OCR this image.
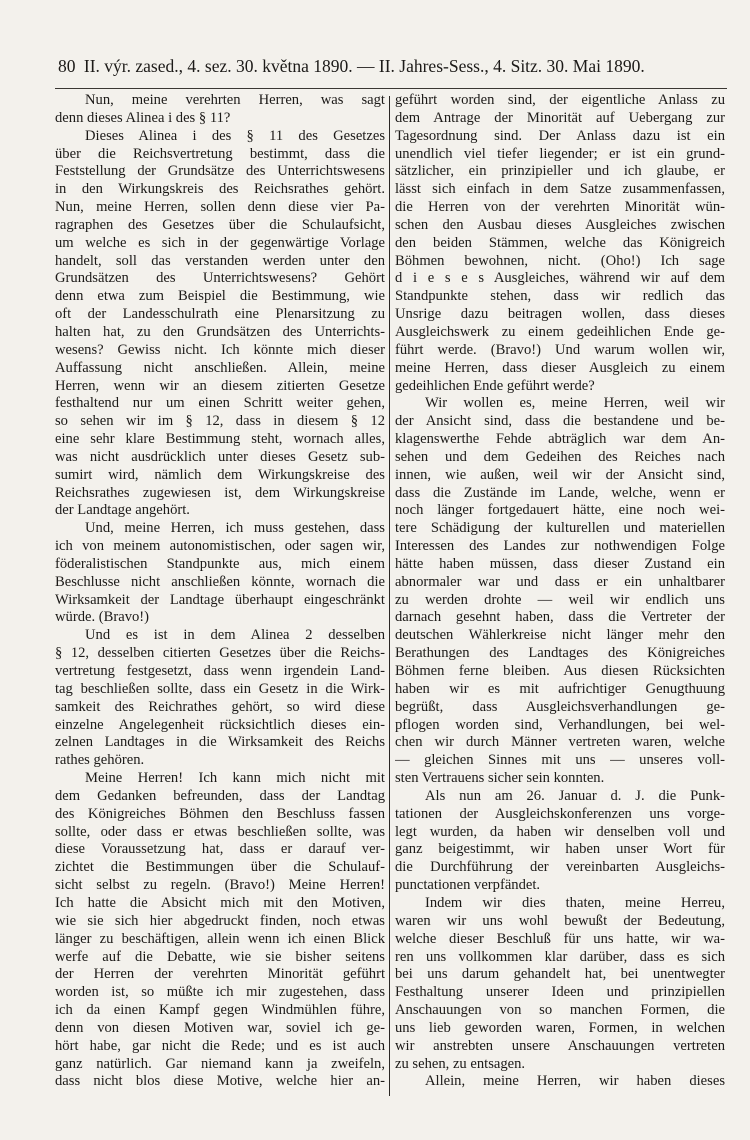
80 II. výr. zased., 4. sez. 30. května 1890. — II. Jahres-Sess., 4. Sitz. 30. Mai 1890.
Nun, meine verehrten Herren, was sagt
denn dieses Alinea i des § 11?
Dieses Alinea i des § 11 des Gesetzes
über die Reichsvertretung bestimmt, dass die
Feststellung der Grundsätze des Unterrichtswesens
in den Wirkungskreis des Reichsrathes gehört.
Nun, meine Herren, sollen denn diese vier Pa-
ragraphen des Gesetzes über die Schulaufsicht,
um welche es sich in der gegenwärtige Vorlage
handelt, soll das verstanden werden unter den
Grundsätzen des Unterrichtswesens? Gehört
denn etwa zum Beispiel die Bestimmung, wie
oft der Landesschulrath eine Plenarsitzung zu
halten hat, zu den Grundsätzen des Unterrichts-
wesens? Gewiss nicht. Ich könnte mich dieser
Auffassung nicht anschließen. Allein, meine
Herren, wenn wir an diesem zitierten Gesetze
festhaltend nur um einen Schritt weiter gehen,
so sehen wir im § 12, dass in diesem § 12
eine sehr klare Bestimmung steht, wornach alles,
was nicht ausdrücklich unter dieses Gesetz sub-
sumirt wird, nämlich dem Wirkungskreise des
Reichsrathes zugewiesen ist, dem Wirkungskreise
der Landtage angehört.
Und, meine Herren, ich muss gestehen, dass
ich von meinem autonomistischen, oder sagen wir,
föderalistischen Standpunkte aus, mich einem
Beschlusse nicht anschließen könnte, wornach die
Wirksamkeit der Landtage überhaupt eingeschränkt
würde. (Bravo!)
Und es ist in dem Alinea 2 desselben
§ 12, desselben citierten Gesetzes über die Reichs-
vertretung festgesetzt, dass wenn irgendein Land-
tag beschließen sollte, dass ein Gesetz in die Wirk-
samkeit des Reichrathes gehört, so wird diese
einzelne Angelegenheit rücksichtlich dieses ein-
zelnen Landtages in die Wirksamkeit des Reichs
rathes gehören.
Meine Herren! Ich kann mich nicht mit
dem Gedanken befreunden, dass der Landtag
des Königreiches Böhmen den Beschluss fassen
sollte, oder dass er etwas beschließen sollte, was
diese Voraussetzung hat, dass er darauf ver-
zichtet die Bestimmungen über die Schulauf-
sicht selbst zu regeln. (Bravo!) Meine Herren!
Ich hatte die Absicht mich mit den Motiven,
wie sie sich hier abgedruckt finden, noch etwas
länger zu beschäftigen, allein wenn ich einen Blick
werfe auf die Debatte, wie sie bisher seitens
der Herren der verehrten Minorität geführt
worden ist, so müßte ich mir zugestehen, dass
ich da einen Kampf gegen Windmühlen führe,
denn von diesen Motiven war, soviel ich ge-
hört habe, gar nicht die Rede; und es ist auch
ganz natürlich. Gar niemand kann ja zweifeln,
dass nicht blos diese Motive, welche hier an-
geführt worden sind, der eigentliche Anlass zu
dem Antrage der Minorität auf Uebergang zur
Tagesordnung sind. Der Anlass dazu ist ein
unendlich viel tiefer liegender; er ist ein grund-
sätzlicher, ein prinzipieller und ich glaube, er
lässt sich einfach in dem Satze zusammenfassen,
die Herren von der verehrten Minorität wün-
schen den Ausbau dieses Ausgleiches zwischen
den beiden Stämmen, welche das Königreich
Böhmen bewohnen, nicht. (Oho!) Ich sage
d i e s e s Ausgleiches, während wir auf dem
Standpunkte stehen, dass wir redlich das
Unsrige dazu beitragen wollen, dass dieses
Ausgleichswerk zu einem gedeihlichen Ende ge-
führt werde. (Bravo!) Und warum wollen wir,
meine Herren, dass dieser Ausgleich zu einem
gedeihlichen Ende geführt werde?
Wir wollen es, meine Herren, weil wir
der Ansicht sind, dass die bestandene und be-
klagenswerthe Fehde abträglich war dem An-
sehen und dem Gedeihen des Reiches nach
innen, wie außen, weil wir der Ansicht sind,
dass die Zustände im Lande, welche, wenn er
noch länger fortgedauert hätte, eine noch wei-
tere Schädigung der kulturellen und materiellen
Interessen des Landes zur nothwendigen Folge
hätte haben müssen, dass dieser Zustand ein
abnormaler war und dass er ein unhaltbarer
zu werden drohte — weil wir endlich uns
darnach gesehnt haben, dass die Vertreter der
deutschen Wählerkreise nicht länger mehr den
Berathungen des Landtages des Königreiches
Böhmen ferne bleiben. Aus diesen Rücksichten
haben wir es mit aufrichtiger Genugthuung
begrüßt, dass Ausgleichsverhandlungen ge-
pflogen worden sind, Verhandlungen, bei wel-
chen wir durch Männer vertreten waren, welche
— gleichen Sinnes mit uns — unseres voll-
sten Vertrauens sicher sein konnten.
Als nun am 26. Januar d. J. die Punk-
tationen der Ausgleichskonferenzen uns vorge-
legt wurden, da haben wir denselben voll und
ganz beigestimmt, wir haben unser Wort für
die Durchführung der vereinbarten Ausgleichs-
punctationen verpfändet.
Indem wir dies thaten, meine Herreu,
waren wir uns wohl bewußt der Bedeutung,
welche dieser Beschluß für uns hatte, wir wa-
ren uns vollkommen klar darüber, dass es sich
bei uns darum gehandelt hat, bei unentwegter
Festhaltung unserer Ideen und prinzipiellen
Anschauungen von so manchen Formen, die
uns lieb geworden waren, Formen, in welchen
wir anstrebten unsere Anschauungen vertreten
zu sehen, zu entsagen.
Allein, meine Herren, wir haben dieses
